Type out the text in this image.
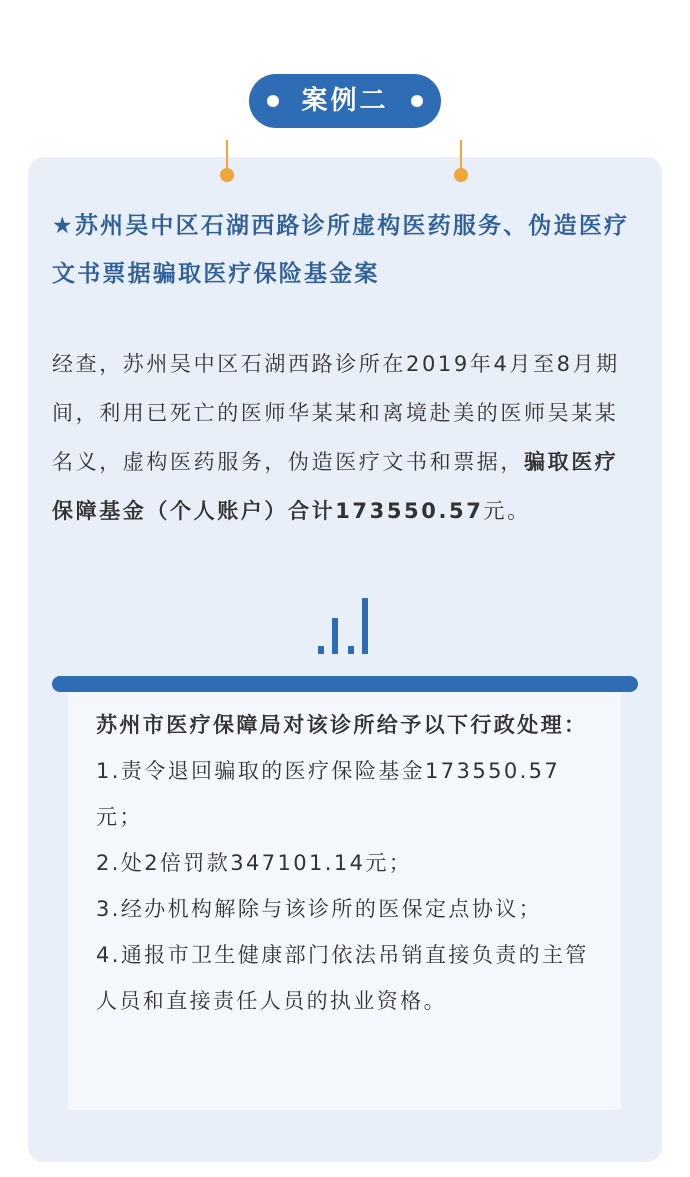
案例二

★苏州吴中区石湖西路诊所虚构医药服务、伪造医疗文书票据骗取医疗保险基金案

经查，苏州吴中区石湖西路诊所在2019年4月至8月期间，利用已死亡的医师华某某和离境赴美的医师吴某某名义，虚构医药服务，伪造医疗文书和票据，骗取医疗保障基金（个人账户）合计173550.57元。

苏州市医疗保障局对该诊所给予以下行政处理：
1.责令退回骗取的医疗保险基金173550.57元；
2.处2倍罚款347101.14元；
3.经办机构解除与该诊所的医保定点协议；
4.通报市卫生健康部门依法吊销直接负责的主管人员和直接责任人员的执业资格。
